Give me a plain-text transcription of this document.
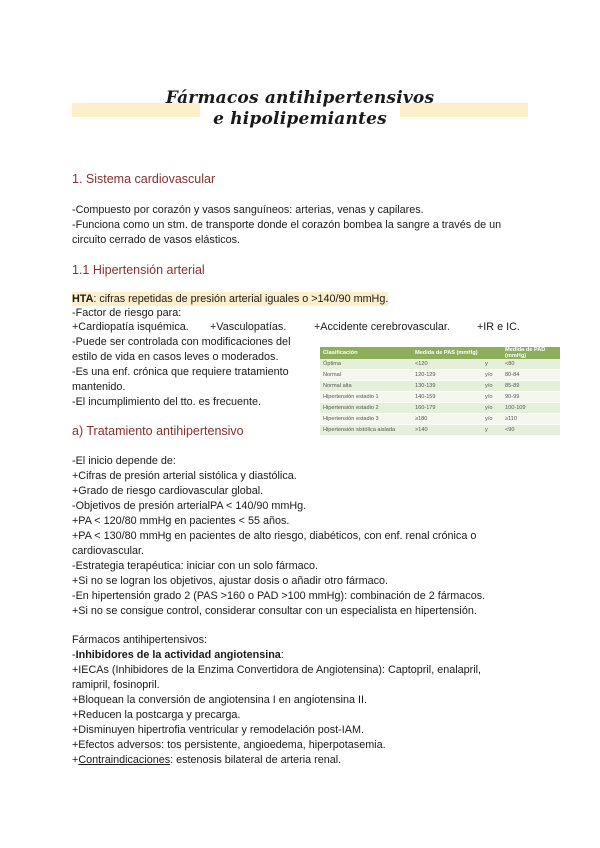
Fármacos antihipertensivos
e hipolipemiantes
1. Sistema cardiovascular
-Compuesto por corazón y vasos sanguíneos: arterias, venas y capilares.
-Funciona como un stm. de transporte donde el corazón bombea la sangre a través de un
circuito cerrado de vasos elásticos.
1.1 Hipertensión arterial
HTA: cifras repetidas de presión arterial iguales o >140/90 mmHg.
-Factor de riesgo para:
+Cardiopatía isquémica. +Vasculopatías.	+Accidente cerebrovascular.	+IR e IC.
-Puede ser controlada con modificaciones del
estilo de vida en casos leves o moderados.
-Es una enf. crónica que requiere tratamiento
mantenido.
-El incumplimiento del tto. es frecuente.
Clasificación	Medida de PAS (mmHg)		Medida de PAD (mmHg)
Óptima	<120	y	<80
Normal	120-129	y/o	80-84
Normal alta	130-139	y/o	85-89
Hipertensión estadio 1	140-159	y/o	90-99
Hipertensión estadio 2	160-179	y/o	100-109
Hipertensión estadio 3	≥180	y/o	≥110
Hipertensión sistólica aislada	>140	y	<90
a) Tratamiento antihipertensivo
-El inicio depende de:
+Cifras de presión arterial sistólica y diastólica.
+Grado de riesgo cardiovascular global.
-Objetivos de presión arterialPA < 140/90 mmHg.
+PA < 120/80 mmHg en pacientes < 55 años.
+PA < 130/80 mmHg en pacientes de alto riesgo, diabéticos, con enf. renal crónica o
cardiovascular.
-Estrategia terapéutica: iniciar con un solo fármaco.
+Si no se logran los objetivos, ajustar dosis o añadir otro fármaco.
-En hipertensión grado 2 (PAS >160 o PAD >100 mmHg): combinación de 2 fármacos.
+Si no se consigue control, considerar consultar con un especialista en hipertensión.
Fármacos antihipertensivos:
-Inhibidores de la actividad angiotensina:
+IECAs (Inhibidores de la Enzima Convertidora de Angiotensina): Captopril, enalapril,
ramipril, fosinopril.
+Bloquean la conversión de angiotensina I en angiotensina II.
+Reducen la postcarga y precarga.
+Disminuyen hipertrofia ventricular y remodelación post-IAM.
+Efectos adversos: tos persistente, angioedema, hiperpotasemia.
+Contraindicaciones: estenosis bilateral de arteria renal.
